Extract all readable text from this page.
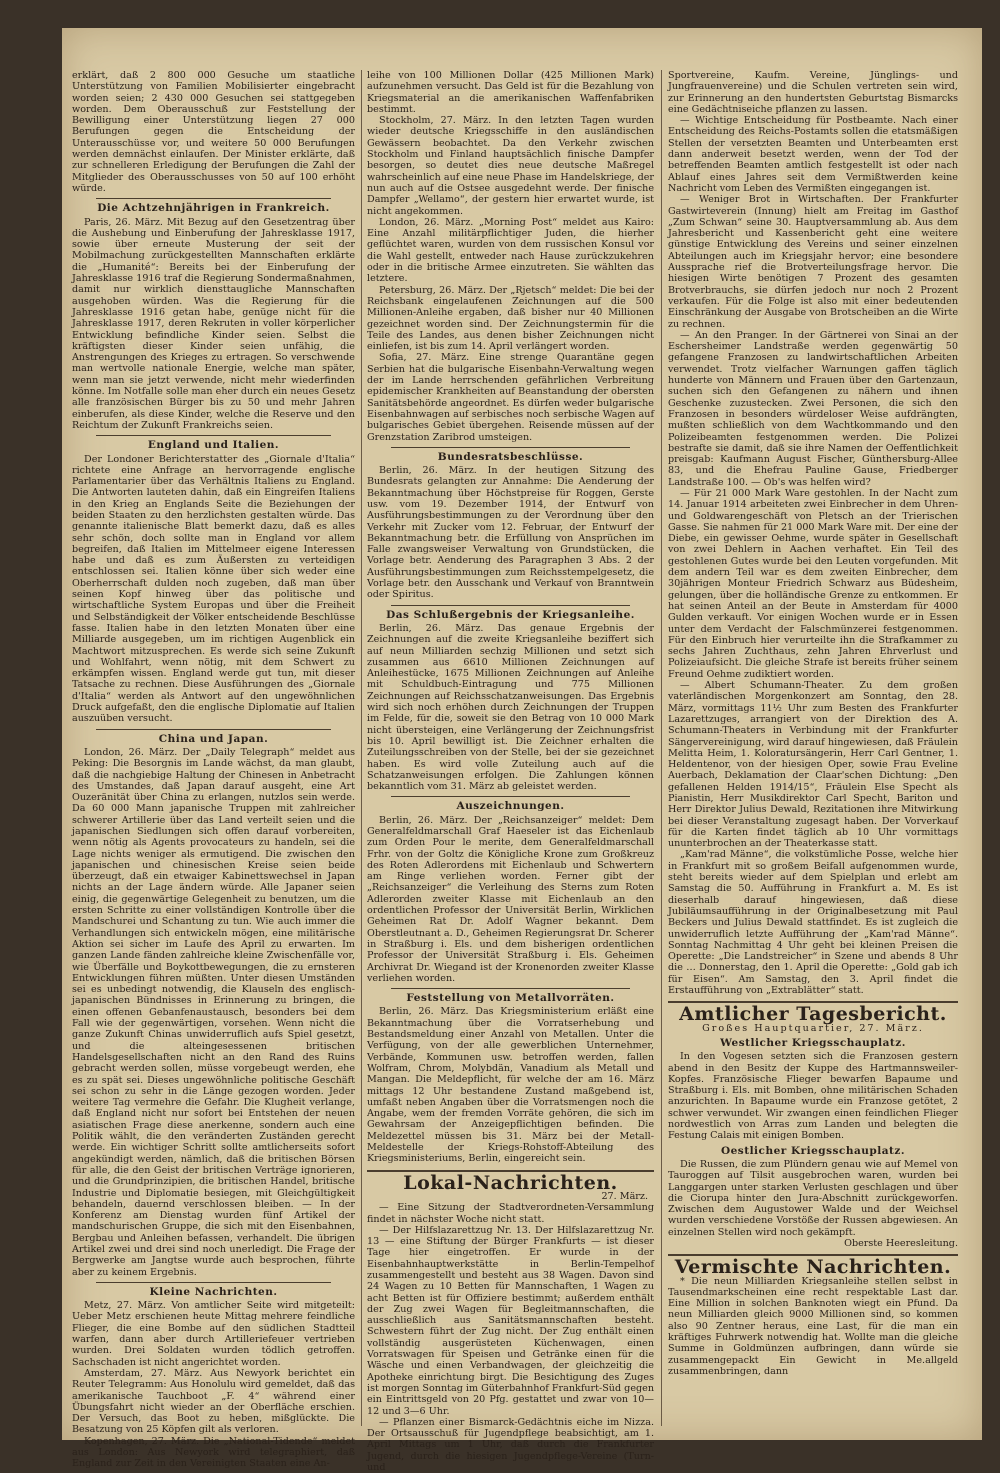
erklärt, daß 2 800 000 Gesuche um staatliche Unterstützung von Familien Mobilisierter eingebracht worden seien; 2 430 000 Gesuchen sei stattgegeben worden. Dem Oberausschuß zur Feststellung der Bewilligung einer Unterstützung liegen 27 000 Berufungen gegen die Entscheidung der Unterausschüsse vor, und weitere 50 000 Berufungen werden demnächst einlaufen. Der Minister erklärte, daß zur schnelleren Erledigung der Berufungen die Zahl der Mitglieder des Oberausschusses von 50 auf 100 erhöht würde.

Die Achtzehnjährigen in Frankreich.

Paris, 26. März. Mit Bezug auf den Gesetzentrag über die Aushebung und Einberufung der Jahresklasse 1917, sowie über erneute Musterung der seit der Mobilmachung zurückgestellten Mannschaften erklärte die „Humanité“: Bereits bei der Einberufung der Jahresklasse 1916 traf die Regierung Sondermaßnahmen, damit nur wirklich diensttaugliche Mannschaften ausgehoben würden. Was die Regierung für die Jahresklasse 1916 getan habe, genüge nicht für die Jahresklasse 1917, deren Rekruten in voller körperlicher Entwicklung befindliche Kinder seien. Selbst die kräftigsten dieser Kinder seien unfähig, die Anstrengungen des Krieges zu ertragen. So verschwende man wertvolle nationale Energie, welche man später, wenn man sie jetzt verwende, nicht mehr wiederfinden könne. Im Notfalle solle man eher durch ein neues Gesetz alle französischen Bürger bis zu 50 und mehr Jahren einberufen, als diese Kinder, welche die Reserve und den Reichtum der Zukunft Frankreichs seien.

England und Italien.

Der Londoner Berichterstatter des „Giornale d'Italia“ richtete eine Anfrage an hervorragende englische Parlamentarier über das Verhältnis Italiens zu England. Die Antworten lauteten dahin, daß ein Eingreifen Italiens in den Krieg an Englands Seite die Beziehungen der beiden Staaten zu den herzlichsten gestalten würde. Das genannte italienische Blatt bemerkt dazu, daß es alles sehr schön, doch sollte man in England vor allem begreifen, daß Italien im Mittelmeer eigene Interessen habe und daß es zum Äußersten zu verteidigen entschlossen sei. Italien könne über sich weder eine Oberherrschaft dulden noch zugeben, daß man über seinen Kopf hinweg über das politische und wirtschaftliche System Europas und über die Freiheit und Selbständigkeit der Völker entscheidende Beschlüsse fasse. Italien habe in den letzten Monaten über eine Milliarde ausgegeben, um im richtigen Augenblick ein Machtwort mitzusprechen. Es werde sich seine Zukunft und Wohlfahrt, wenn nötig, mit dem Schwert zu erkämpfen wissen. England werde gut tun, mit dieser Tatsache zu rechnen. Diese Ausführungen des „Giornale d'Italia“ werden als Antwort auf den ungewöhnlichen Druck aufgefaßt, den die englische Diplomatie auf Italien auszuüben versucht.

China und Japan.

London, 26. März. Der „Daily Telegraph“ meldet aus Peking: Die Besorgnis im Lande wächst, da man glaubt, daß die nachgiebige Haltung der Chinesen in Anbetracht des Umstandes, daß Japan darauf ausgeht, eine Art Ouzeränität über China zu erlangen, nutzlos sein werde. Da 60 000 Mann japanische Truppen mit zahlreicher schwerer Artillerie über das Land verteilt seien und die japanischen Siedlungen sich offen darauf vorbereiten, wenn nötig als Agents provocateurs zu handeln, sei die Lage nichts weniger als ermutigend. Die zwischen den japanischen und chinesischen Kreise seien beide überzeugt, daß ein etwaiger Kabinettswechsel in Japan nichts an der Lage ändern würde. Alle Japaner seien einig, die gegenwärtige Gelegenheit zu benutzen, um die ersten Schritte zu einer vollständigen Kontrolle über die Mandschurei und Schantung zu tun. Wie auch immer die Verhandlungen sich entwickeln mögen, eine militärische Aktion sei sicher im Laufe des April zu erwarten. Im ganzen Lande fänden zahlreiche kleine Zwischenfälle vor, wie Überfälle und Boykottbewegungen, die zu ernsteren Entwicklungen führen müßten. Unter diesen Umständen sei es unbedingt notwendig, die Klauseln des englisch-japanischen Bündnisses in Erinnerung zu bringen, die einen offenen Gebanfenaustausch, besonders bei dem Fall wie der gegenwärtigen, vorsehen. Wenn nicht die ganze Zukunft Chinas unwiderruflich aufs Spiel gesetzt, und die alteingesessenen britischen Handelsgesellschaften nicht an den Rand des Ruins gebracht werden sollen, müsse vorgebeugt werden, ehe es zu spät sei. Dieses ungewöhnliche politische Geschäft sei schon zu sehr in die Länge gezogen worden. Jeder weitere Tag vermehre die Gefahr. Die Klugheit verlange, daß England nicht nur sofort bei Entstehen der neuen asiatischen Frage diese anerkenne, sondern auch eine Politik wählt, die den veränderten Zuständen gerecht werde. Ein wichtiger Schritt sollte amtlicherseits sofort angekündigt werden, nämlich, daß die britischen Börsen für alle, die den Geist der britischen Verträge ignorieren, und die Grundprinzipien, die britischen Handel, britische Industrie und Diplomatie besiegen, mit Gleichgültigkeit behandeln, dauernd verschlossen bleiben. — In der Konferenz am Dienstag wurden fünf Artikel der mandschurischen Gruppe, die sich mit den Eisenbahnen, Bergbau und Anleihen befassen, verhandelt. Die übrigen Artikel zwei und drei sind noch unerledigt. Die Frage der Bergwerke am Jangtse wurde auch besprochen, führte aber zu keinem Ergebnis.

Kleine Nachrichten.

Metz, 27. März. Von amtlicher Seite wird mitgeteilt: Ueber Metz erschienen heute Mittag mehrere feindliche Flieger, die eine Bombe auf den südlichen Stadtteil warfen, dann aber durch Artilleriefeuer vertrieben wurden. Drei Soldaten wurden tödlich getroffen. Sachschaden ist nicht angerichtet worden.

Amsterdam, 27. März. Aus Newyork berichtet ein Reuter Telegramm: Aus Honolulu wird gemeldet, daß das amerikanische Tauchboot „F. 4“ während einer Übungsfahrt nicht wieder an der Oberfläche erschien. Der Versuch, das Boot zu heben, mißglückte. Die Besatzung von 25 Köpfen gilt als verloren.

Kopenhagen, 27. März. Die „National-Tidende“ meldet aus London: Aus Newyork wird telegraphiert, daß England zur Zeit in den Vereinigten Staaten eine An-

leihe von 100 Millionen Dollar (425 Millionen Mark) aufzunehmen versucht. Das Geld ist für die Bezahlung von Kriegsmaterial an die amerikanischen Waffenfabriken bestimmt.

Stockholm, 27. März. In den letzten Tagen wurden wieder deutsche Kriegsschiffe in den ausländischen Gewässern beobachtet. Da den Verkehr zwischen Stockholm und Finland hauptsächlich finische Dampfer besorgen, so deutet dies neue deutsche Maßregel wahrscheinlich auf eine neue Phase im Handelskriege, der nun auch auf die Ostsee ausgedehnt werde. Der finische Dampfer „Wellamo“, der gestern hier erwartet wurde, ist nicht angekommen.

London, 26. März. „Morning Post“ meldet aus Kairo: Eine Anzahl militärpflichtiger Juden, die hierher geflüchtet waren, wurden von dem russischen Konsul vor die Wahl gestellt, entweder nach Hause zurückzukehren oder in die britische Armee einzutreten. Sie wählten das letztere.

Petersburg, 26. März. Der „Rjetsch“ meldet: Die bei der Reichsbank eingelaufenen Zeichnungen auf die 500 Millionen-Anleihe ergaben, daß bisher nur 40 Millionen gezeichnet worden sind. Der Zeichnungstermin für die Teile des Landes, aus denen bisher Zeichnungen nicht einliefen, ist bis zum 14. April verlängert worden.

Sofia, 27. März. Eine strenge Quarantäne gegen Serbien hat die bulgarische Eisenbahn-Verwaltung wegen der im Lande herrschenden gefährlichen Verbreitung epidemischer Krankheiten auf Beanstandung der obersten Sanitätsbehörde angeordnet. Es dürfen weder bulgarische Eisenbahnwagen auf serbisches noch serbische Wagen auf bulgarisches Gebiet übergehen. Reisende müssen auf der Grenzstation Zaribrod umsteigen.

Bundesratsbeschlüsse.

Berlin, 26. März. In der heutigen Sitzung des Bundesrats gelangten zur Annahme: Die Aenderung der Bekanntmachung über Höchstpreise für Roggen, Gerste usw. vom 19. Dezember 1914, der Entwurf von Ausführungsbestimmungen zu der Verordnung über den Verkehr mit Zucker vom 12. Februar, der Entwurf der Bekanntmachung betr. die Erfüllung von Ansprüchen im Falle zwangsweiser Verwaltung von Grundstücken, die Vorlage betr. Aenderung des Paragraphen 3 Abs. 2 der Ausführungsbestimmungen zum Reichsstempelgesetz, die Vorlage betr. den Ausschank und Verkauf von Branntwein oder Spiritus.

Das Schlußergebnis der Kriegsanleihe.

Berlin, 26. März. Das genaue Ergebnis der Zeichnungen auf die zweite Kriegsanleihe beziffert sich auf neun Milliarden sechzig Millionen und setzt sich zusammen aus 6610 Millionen Zeichnungen auf Anleihestücke, 1675 Millionen Zeichnungen auf Anleihe mit Schuldbuch-Eintragung und 775 Millionen Zeichnungen auf Reichsschatzanweisungen. Das Ergebnis wird sich noch erhöhen durch Zeichnungen der Truppen im Felde, für die, soweit sie den Betrag von 10 000 Mark nicht übersteigen, eine Verlängerung der Zeichnungsfrist bis 10. April bewilligt ist. Die Zeichner erhalten die Zuteilungsschreiben von der Stelle, bei der sie gezeichnet haben. Es wird volle Zuteilung auch auf die Schatzanweisungen erfolgen. Die Zahlungen können bekanntlich vom 31. März ab geleistet werden.

Auszeichnungen.

Berlin, 26. März. Der „Reichsanzeiger“ meldet: Dem Generalfeldmarschall Graf Haeseler ist das Eichenlaub zum Orden Pour le merite, dem Generalfeldmarschall Frhr. von der Goltz die Königliche Krone zum Großkreuz des Roten Adlerordens mit Eichenlaub und Schwertern am Ringe verliehen worden. Ferner gibt der „Reichsanzeiger“ die Verleihung des Sterns zum Roten Adlerorden zweiter Klasse mit Eichenlaub an den ordentlichen Professor der Universität Berlin, Wirklichen Geheimen Rat Dr. Adolf Wagner bekannt. Dem Oberstleutnant a. D., Geheimen Regierungsrat Dr. Scherer in Straßburg i. Els. und dem bisherigen ordentlichen Professor der Universität Straßburg i. Els. Geheimen Archivrat Dr. Wiegand ist der Kronenorden zweiter Klasse verliehen worden.

Feststellung von Metallvorräten.

Berlin, 26. März. Das Kriegsministerium erläßt eine Bekanntmachung über die Vorratserhebung und Bestandsmeldung einer Anzahl von Metallen. Unter die Verfügung, von der alle gewerblichen Unternehmer, Verbände, Kommunen usw. betroffen werden, fallen Wolfram, Chrom, Molybdän, Vanadium als Metall und Mangan. Die Meldepflicht, für welche der am 16. März mittags 12 Uhr bestandene Zustand maßgebend ist, umfaßt neben Angaben über die Vorratsmengen noch die Angabe, wem der fremden Vorräte gehören, die sich im Gewahrsam der Anzeigepflichtigen befinden. Die Meldezettel müssen bis 31. März bei der Metall-Meldestelle der Kriegs-Rohstoff-Abteilung des Kriegsministeriums, Berlin, eingereicht sein.

Lokal-Nachrichten.
27. März.

— Eine Sitzung der Stadtverordneten-Versammlung findet in nächster Woche nicht statt.

— Der Hilfslazarettzug Nr. 13. Der Hilfslazarettzug Nr. 13 — eine Stiftung der Bürger Frankfurts — ist dieser Tage hier eingetroffen. Er wurde in der Eisenbahnhauptwerkstätte in Berlin-Tempelhof zusammengestellt und besteht aus 38 Wagen. Davon sind 24 Wagen zu 10 Betten für Mannschaften, 1 Wagen zu acht Betten ist für Offiziere bestimmt; außerdem enthält der Zug zwei Wagen für Begleitmannschaften, die ausschließlich aus Sanitätsmannschaften besteht. Schwestern führt der Zug nicht. Der Zug enthält einen vollständig ausgerüsteten Küchenwagen, einen Vorratswagen für Speisen und Getränke einen für die Wäsche und einen Verbandwagen, der gleichzeitig die Apotheke einrichtung birgt. Die Besichtigung des Zuges ist morgen Sonntag im Güterbahnhof Frankfurt-Süd gegen ein Eintrittsgeld von 20 Pfg. gestattet und zwar von 10—12 und 3—6 Uhr.

— Pflanzen einer Bismarck-Gedächtnis eiche im Nizza. Der Ortsausschuß für Jugendpflege beabsichtigt, am 1. April Mittags um 1 Uhr, daß durch die Frankfurter Jugend, durch die hiesigen Jugendpflege-Vereine (Turn- und

Sportvereine, Kaufm. Vereine, Jünglings- und Jungfrauenvereine) und die Schulen vertreten sein wird, zur Erinnerung an den hundertsten Geburtstag Bismarcks eine Gedächtniseiche pflanzen zu lassen.

— Wichtige Entscheidung für Postbeamte. Nach einer Entscheidung des Reichs-Postamts sollen die etatsmäßigen Stellen der versetzten Beamten und Unterbeamten erst dann anderweit besetzt werden, wenn der Tod der betreffenden Beamten amtlich festgestellt ist oder nach Ablauf eines Jahres seit dem Vermißtwerden keine Nachricht vom Leben des Vermißten eingegangen ist.

— Weniger Brot in Wirtschaften. Der Frankfurter Gastwirteverein (Innung) hielt am Freitag im Gasthof „Zum Schwan“ seine 30. Hauptversammlung ab. Aus dem Jahresbericht und Kassenbericht geht eine weitere günstige Entwicklung des Vereins und seiner einzelnen Abteilungen auch im Kriegsjahr hervor; eine besondere Aussprache rief die Brotverteilungsfrage hervor. Die hiesigen Wirte benötigen 7 Prozent des gesamten Brotverbrauchs, sie dürfen jedoch nur noch 2 Prozent verkaufen. Für die Folge ist also mit einer bedeutenden Einschränkung der Ausgabe von Brotscheiben an die Wirte zu rechnen.

— An den Pranger. In der Gärtnerei von Sinai an der Eschersheimer Landstraße werden gegenwärtig 50 gefangene Franzosen zu landwirtschaftlichen Arbeiten verwendet. Trotz vielfacher Warnungen gaffen täglich hunderte von Männern und Frauen über den Gartenzaun, suchen sich den Gefangenen zu nähern und ihnen Geschenke zuzustecken. Zwei Personen, die sich den Franzosen in besonders würdeloser Weise aufdrängten, mußten schließlich von dem Wachtkommando und den Polizeibeamten festgenommen werden. Die Polizei bestrafte sie damit, daß sie ihre Namen der Oeffentlichkeit preisgab: Kaufmann August Fischer, Günthersburg-Allee 83, und die Ehefrau Pauline Gause, Friedberger Landstraße 100. — Ob's was helfen wird?

— Für 21 000 Mark Ware gestohlen. In der Nacht zum 14. Januar 1914 arbeiteten zwei Einbrecher in dem Uhren- und Goldwarengeschäft von Pletsch an der Trierischen Gasse. Sie nahmen für 21 000 Mark Ware mit. Der eine der Diebe, ein gewisser Oehme, wurde später in Gesellschaft von zwei Dehlern in Aachen verhaftet. Ein Teil des gestohlenen Gutes wurde bei den Leuten vorgefunden. Mit dem andern Teil war es dem zweiten Einbrecher, dem 30jährigen Monteur Friedrich Schwarz aus Büdesheim, gelungen, über die holländische Grenze zu entkommen. Er hat seinen Anteil an der Beute in Amsterdam für 4000 Gulden verkauft. Vor einigen Wochen wurde er in Essen unter dem Verdacht der Falschmünzerei festgenommen. Für den Einbruch hier verurteilte ihn die Strafkammer zu sechs Jahren Zuchthaus, zehn Jahren Ehrverlust und Polizeiaufsicht. Die gleiche Strafe ist bereits früher seinem Freund Oehme zudiktiert worden.

— Albert Schumann-Theater. Zu dem großen vaterländischen Morgenkonzert am Sonntag, den 28. März, vormittags 11½ Uhr zum Besten des Frankfurter Lazarettzuges, arrangiert von der Direktion des A. Schumann-Theaters in Verbindung mit der Frankfurter Sängervereinigung, wird darauf hingewiesen, daß Fräulein Melitta Heim, 1. Koloratursängerin, Herr Carl Gentner, 1. Heldentenor, von der hiesigen Oper, sowie Frau Eveline Auerbach, Deklamation der Claar'schen Dichtung: „Den gefallenen Helden 1914/15“, Fräulein Else Specht als Pianistin, Herr Musikdirektor Carl Specht, Bariton und Herr Direktor Julius Dewald, Rezitationen ihre Mitwirkung bei dieser Veranstaltung zugesagt haben. Der Vorverkauf für die Karten findet täglich ab 10 Uhr vormittags ununterbrochen an der Theaterkasse statt.

„Kam'rad Männe“, die volkstümliche Posse, welche hier in Frankfurt mit so großem Beifall aufgenommen wurde, steht bereits wieder auf dem Spielplan und erlebt am Samstag die 50. Aufführung in Frankfurt a. M. Es ist dieserhalb darauf hingewiesen, daß diese Jubiläumsaufführung in der Originalbesetzung mit Paul Beckers und Julius Dewald stattfindet. Es ist zugleich die unwiderruflich letzte Aufführung der „Kam'rad Männe“. Sonntag Nachmittag 4 Uhr geht bei kleinen Preisen die Operette: „Die Landstreicher“ in Szene und abends 8 Uhr die … Donnerstag, den 1. April die Operette: „Gold gab ich für Eisen“. Am Samstag, den 3. April findet die Erstaufführung von „Extrablätter“ statt.

Amtlicher Tagesbericht.
Großes Hauptquartier, 27. März.
Westlicher Kriegsschauplatz.

In den Vogesen setzten sich die Franzosen gestern abend in den Besitz der Kuppe des Hartmannsweiler-Kopfes. Französische Flieger bewarfen Bapaume und Straßburg i. Els. mit Bomben, ohne militärischen Schaden anzurichten. In Bapaume wurde ein Franzose getötet, 2 schwer verwundet. Wir zwangen einen feindlichen Flieger nordwestlich von Arras zum Landen und belegten die Festung Calais mit einigen Bomben.

Oestlicher Kriegsschauplatz.

Die Russen, die zum Plündern genau wie auf Memel von Tauroggen auf Tilsit ausgebrochen waren, wurden bei Langgargen unter starken Verlusten geschlagen und über die Ciorupa hinter den Jura-Abschnitt zurückgeworfen. Zwischen dem Augustower Walde und der Weichsel wurden verschiedene Vorstöße der Russen abgewiesen. An einzelnen Stellen wird noch gekämpft.

Oberste Heeresleitung.
Vermischte Nachrichten.

* Die neun Milliarden Kriegsanleihe stellen selbst in Tausendmarkscheinen eine recht respektable Last dar. Eine Million in solchen Banknoten wiegt ein Pfund. Da neun Milliarden gleich 9000 Millionen sind, so kommen also 90 Zentner heraus, eine Last, für die man ein kräftiges Fuhrwerk notwendig hat. Wollte man die gleiche Summe in Goldmünzen aufbringen, dann würde sie zusammengepackt Ein Gewicht in Me.allgeld zusammenbringen, dann
